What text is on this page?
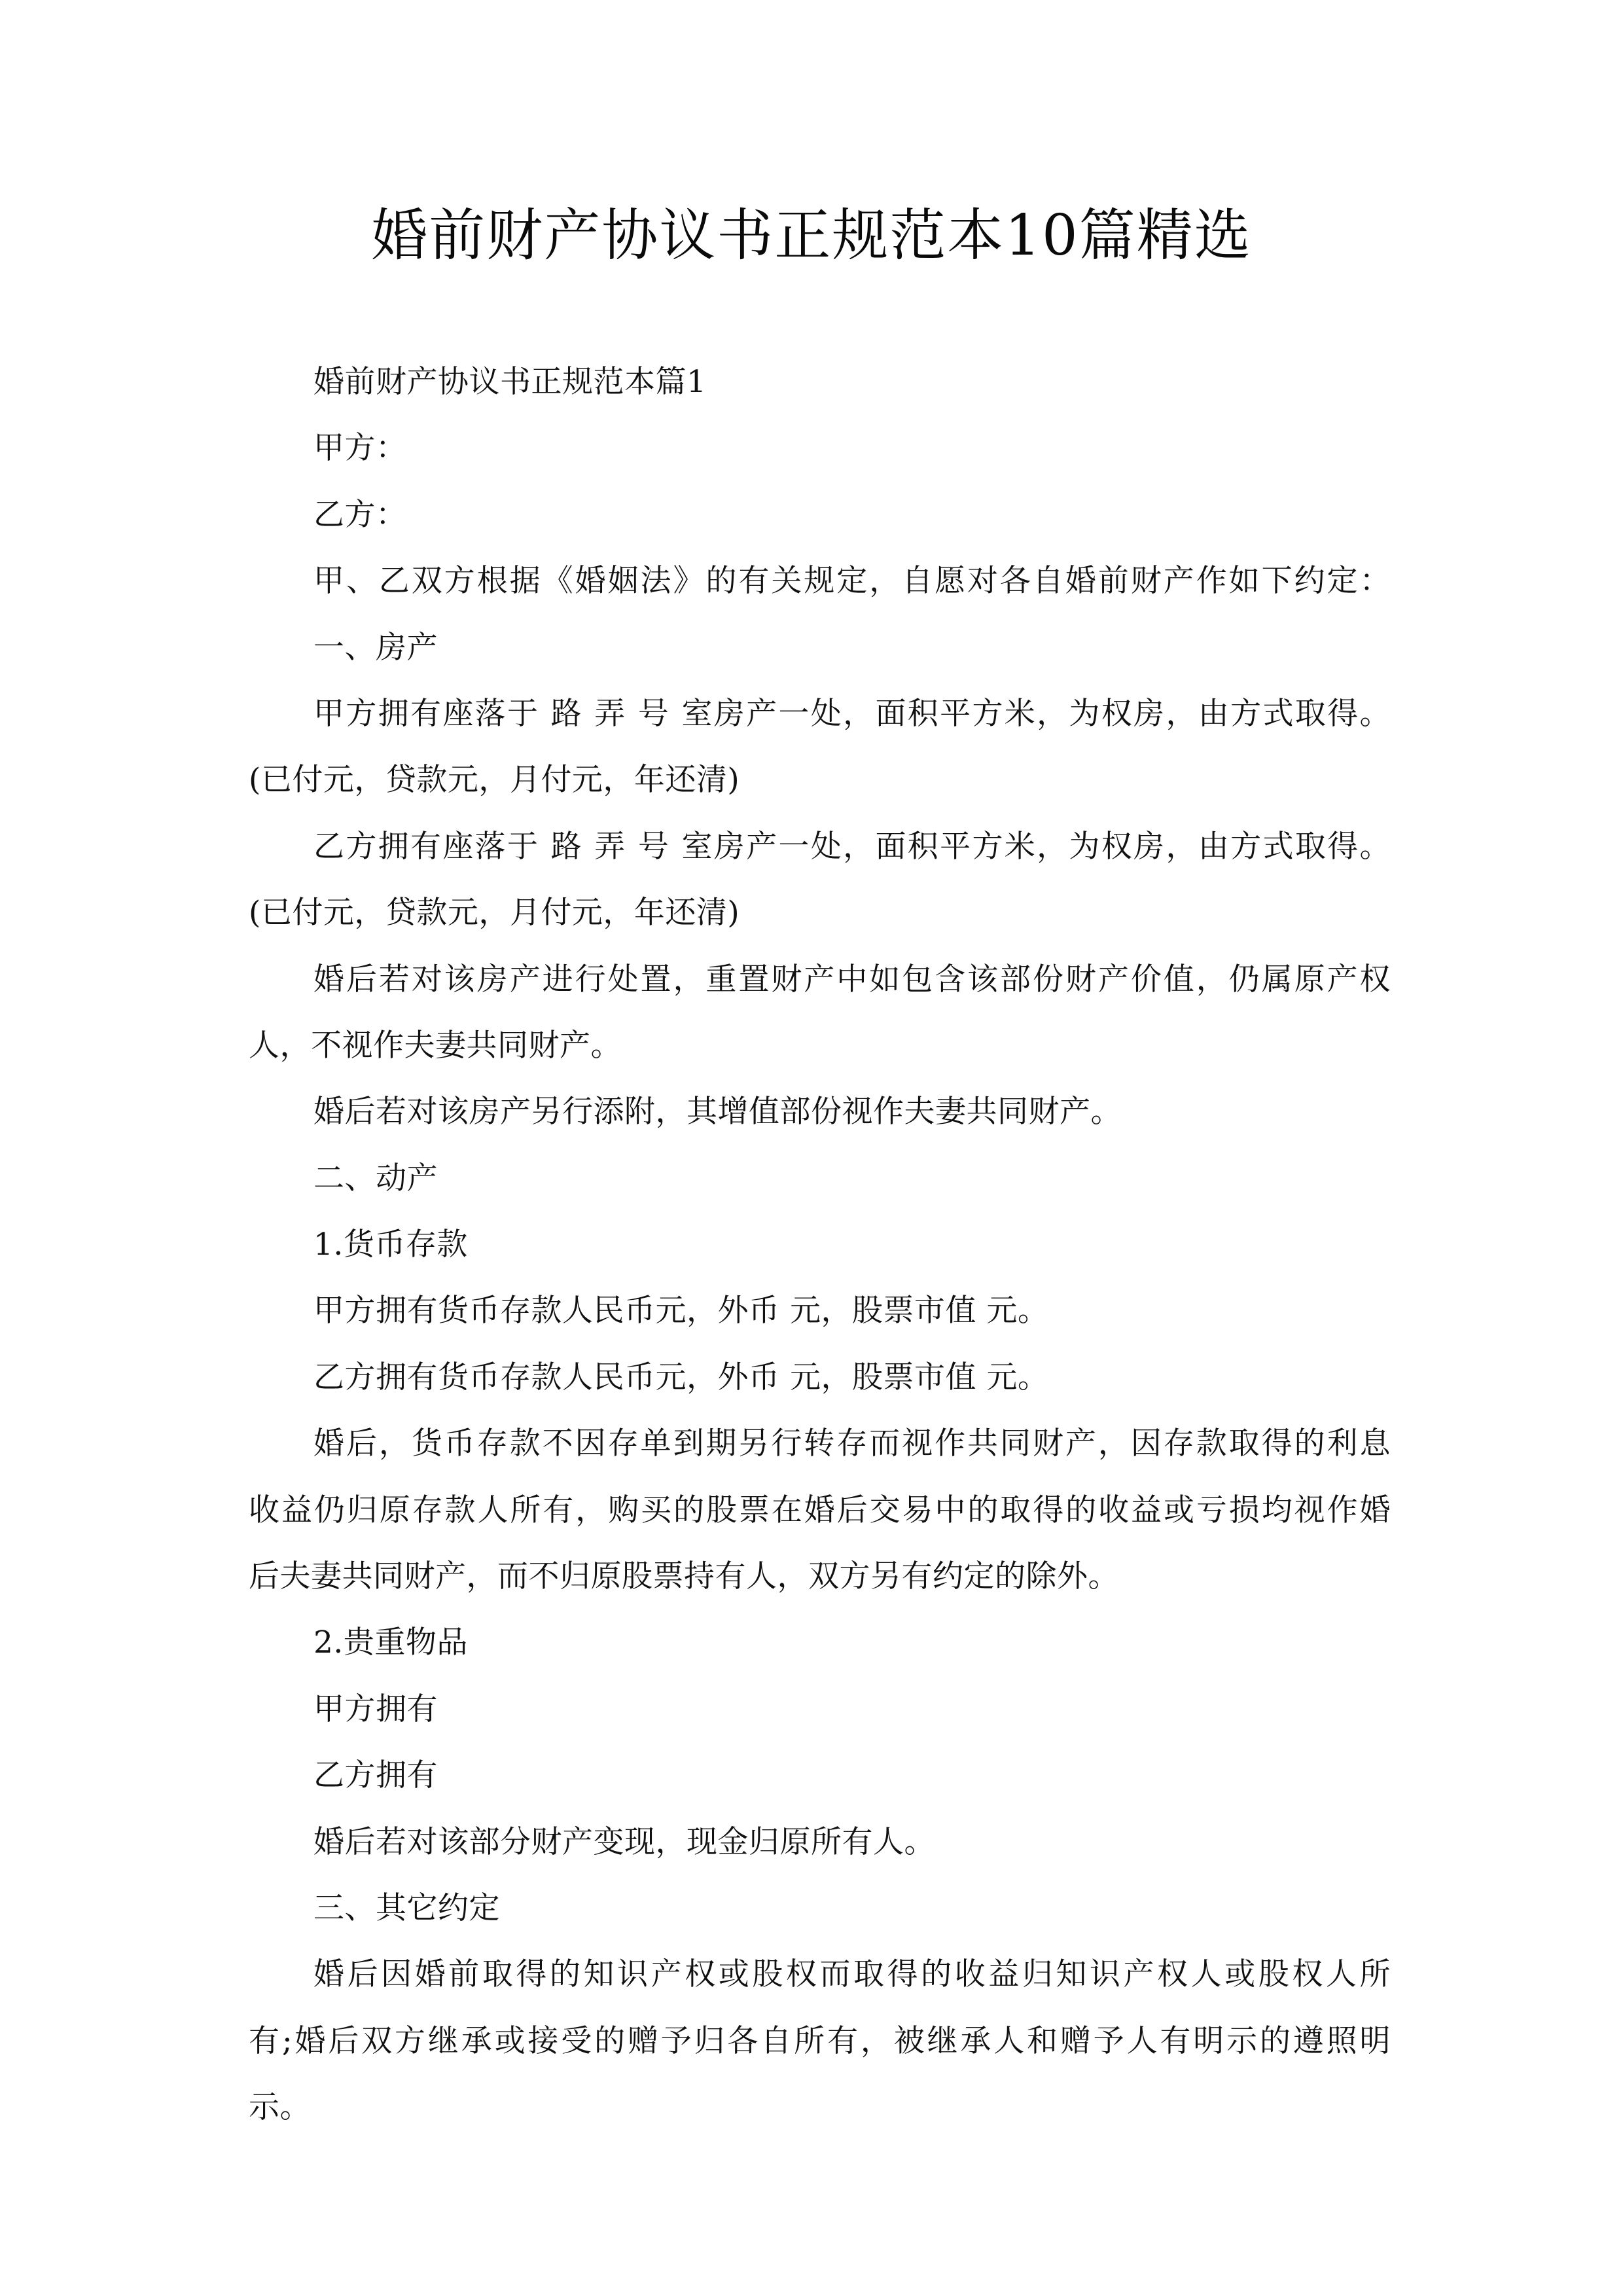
婚前财产协议书正规范本10篇精选
婚前财产协议书正规范本篇1
甲方：
乙方：
甲、乙双方根据《婚姻法》的有关规定，自愿对各自婚前财产作如下约定：
一、房产
甲方拥有座落于 路 弄 号 室房产一处，面积平方米，为权房，由方式取得。
(已付元，贷款元，月付元，年还清)
乙方拥有座落于 路 弄 号 室房产一处，面积平方米，为权房，由方式取得。
(已付元，贷款元，月付元，年还清)
婚后若对该房产进行处置，重置财产中如包含该部份财产价值，仍属原产权
人，不视作夫妻共同财产。
婚后若对该房产另行添附，其增值部份视作夫妻共同财产。
二、动产
1.货币存款
甲方拥有货币存款人民币元，外币 元，股票市值 元。
乙方拥有货币存款人民币元，外币 元，股票市值 元。
婚后，货币存款不因存单到期另行转存而视作共同财产，因存款取得的利息
收益仍归原存款人所有，购买的股票在婚后交易中的取得的收益或亏损均视作婚
后夫妻共同财产，而不归原股票持有人，双方另有约定的除外。
2.贵重物品
甲方拥有
乙方拥有
婚后若对该部分财产变现，现金归原所有人。
三、其它约定
婚后因婚前取得的知识产权或股权而取得的收益归知识产权人或股权人所
有;婚后双方继承或接受的赠予归各自所有，被继承人和赠予人有明示的遵照明
示。
